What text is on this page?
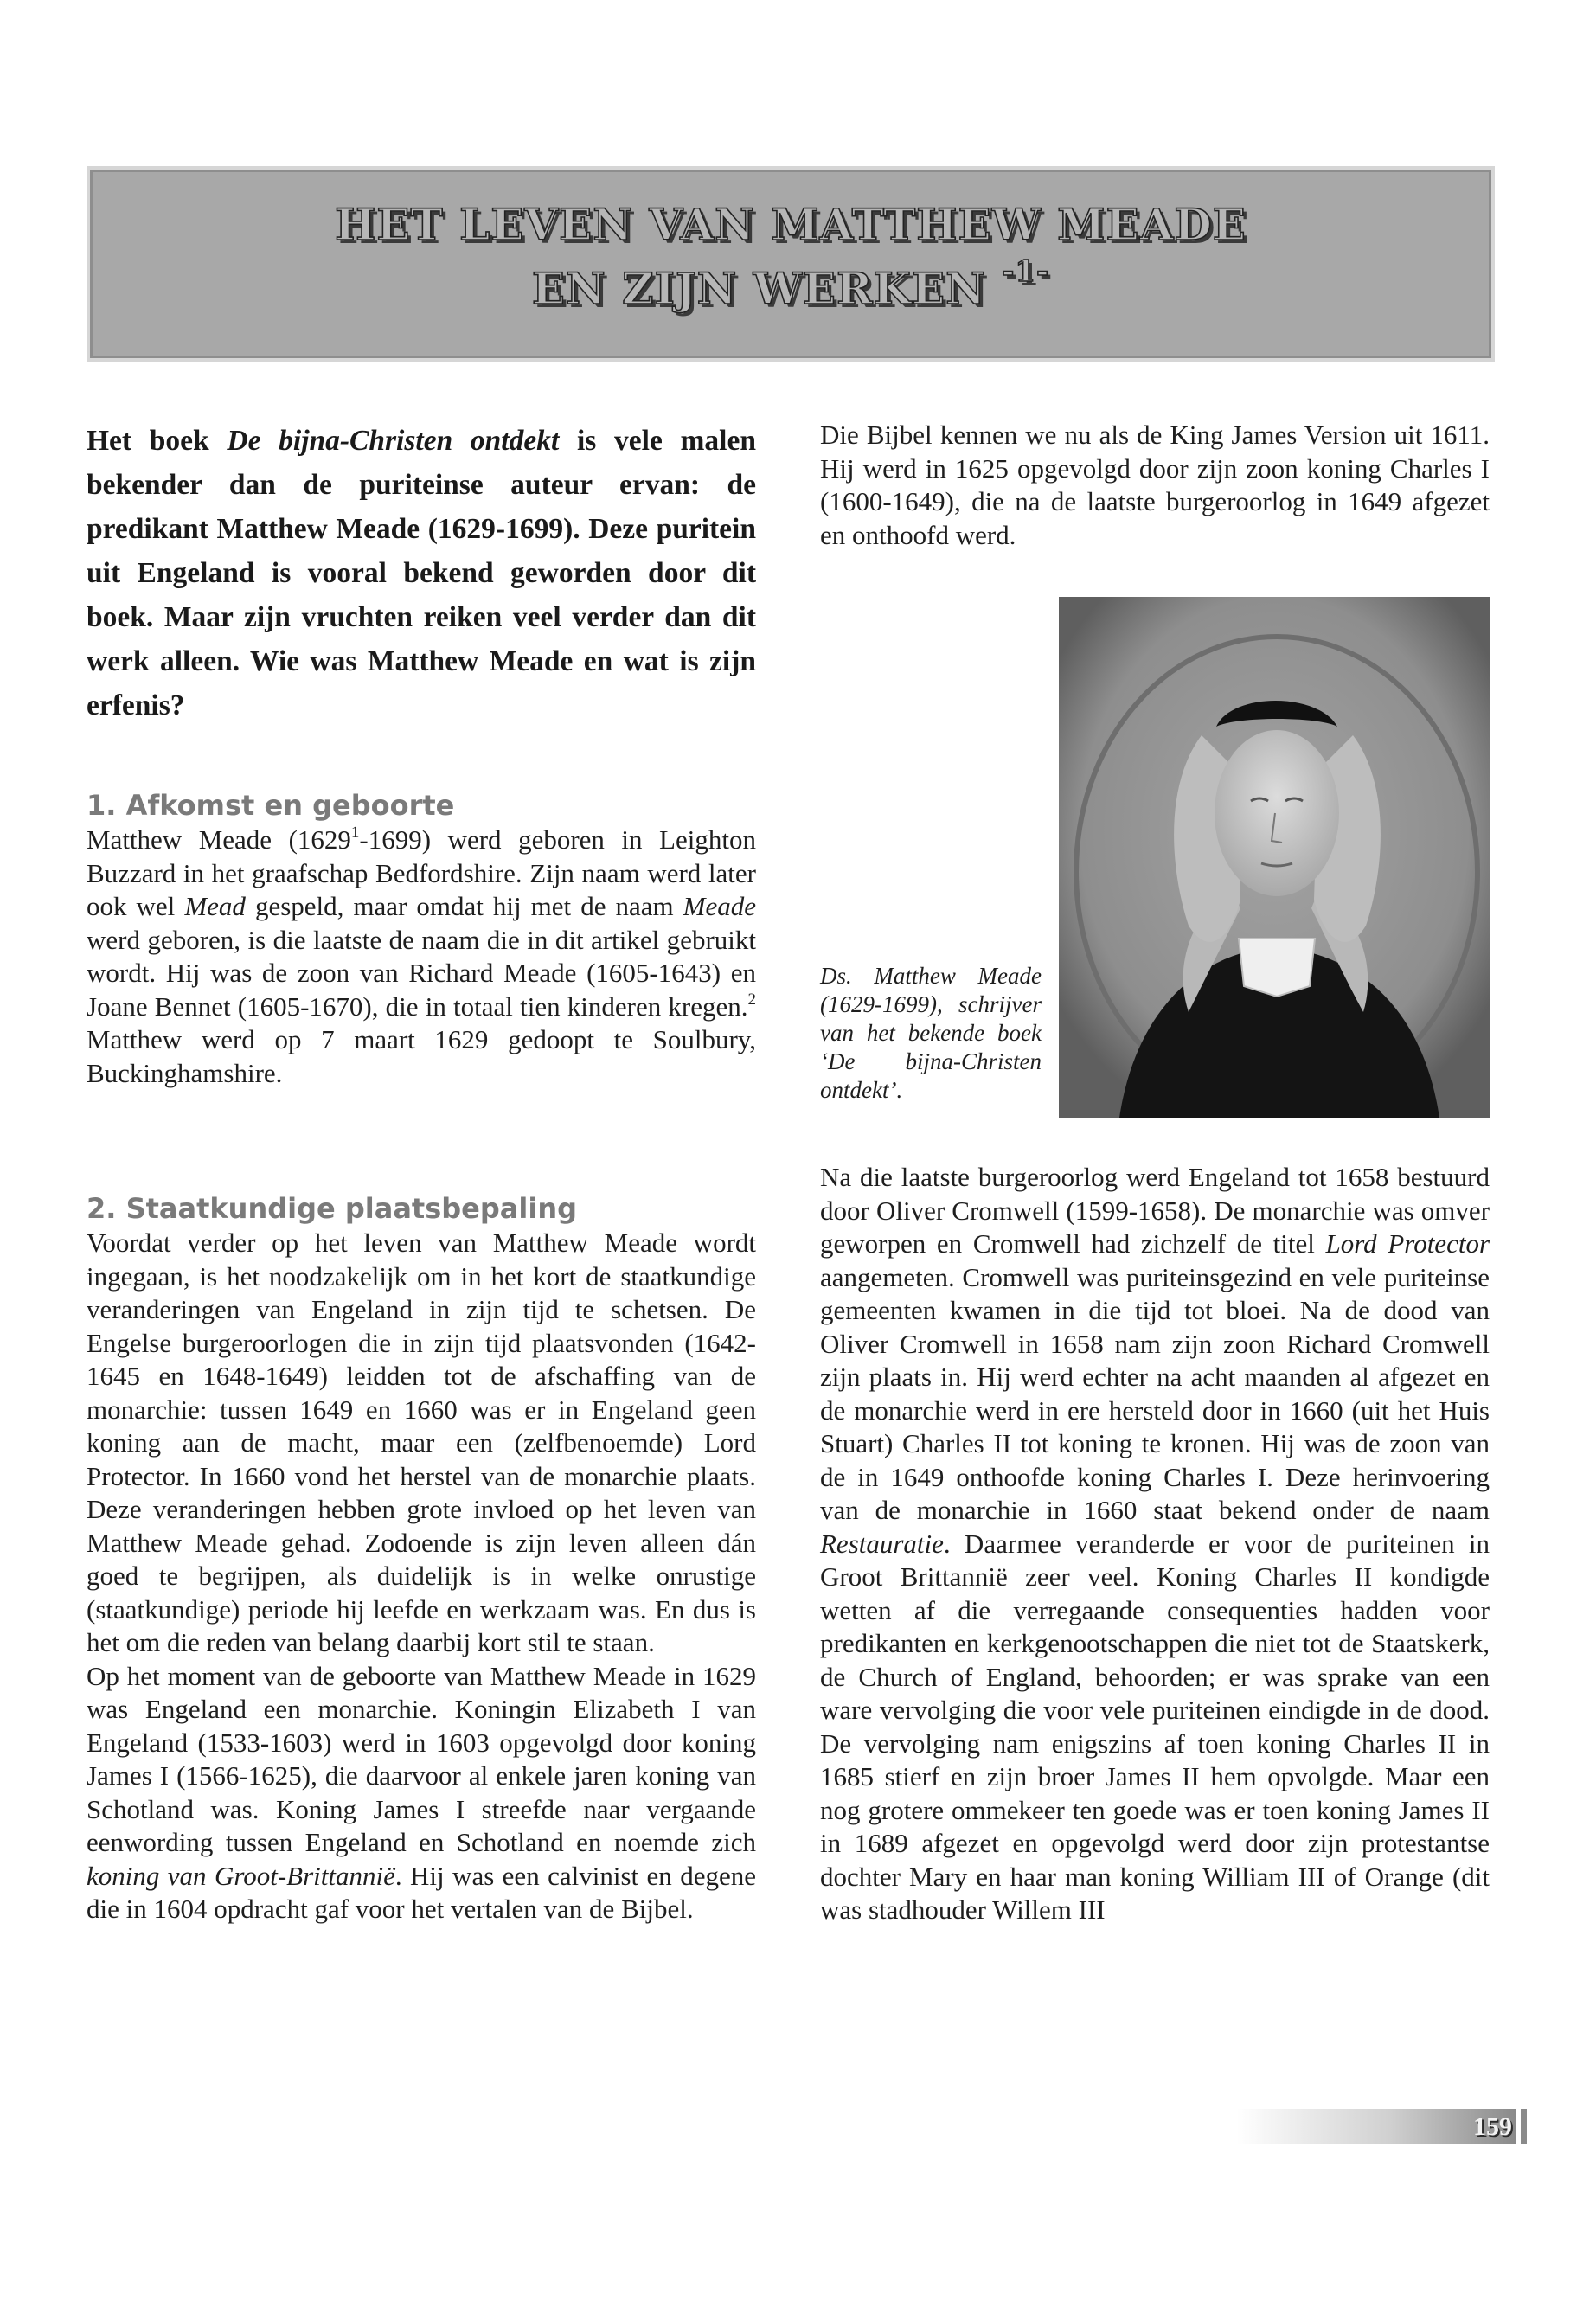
HET LEVEN VAN MATTHEW MEADE
EN ZIJN WERKEN $^{-1-}$

Het boek De bijna-Christen ontdekt is vele malen bekender dan de puriteinse auteur ervan: de predikant Matthew Meade (1629-1699). Deze puritein uit Engeland is vooral bekend geworden door dit boek. Maar zijn vruchten reiken veel verder dan dit werk alleen. Wie was Matthew Meade en wat is zijn erfenis?

Die Bijbel kennen we nu als de King James Version uit 1611. Hij werd in 1625 opgevolgd door zijn zoon koning Charles I (1600-1649), die na de laatste burgeroorlog in 1649 afgezet en onthoofd werd.

Ds. Matthew Meade (1629-1699), schrijver van het bekende boek ‘De bijna-Christen ontdekt’.

1. Afkomst en geboorte

Matthew Meade (1629$^1$-1699) werd geboren in Leighton Buzzard in het graafschap Bedfordshire. Zijn naam werd later ook wel Mead gespeld, maar omdat hij met de naam Meade werd geboren, is die laatste de naam die in dit artikel gebruikt wordt. Hij was de zoon van Richard Meade (1605-1643) en Joane Bennet (1605-1670), die in totaal tien kinderen kregen.$^2$ Matthew werd op 7 maart 1629 gedoopt te Soulbury, Buckinghamshire.

2. Staatkundige plaatsbepaling

Voordat verder op het leven van Matthew Meade wordt ingegaan, is het noodzakelijk om in het kort de staatkundige veranderingen van Engeland in zijn tijd te schetsen. De Engelse burgeroorlogen die in zijn tijd plaatsvonden (1642-1645 en 1648-1649) leidden tot de afschaffing van de monarchie: tussen 1649 en 1660 was er in Engeland geen koning aan de macht, maar een (zelfbenoemde) Lord Protector. In 1660 vond het herstel van de monarchie plaats. Deze veranderingen hebben grote invloed op het leven van Matthew Meade gehad. Zodoende is zijn leven alleen dán goed te begrijpen, als duidelijk is in welke onrustige (staatkundige) periode hij leefde en werkzaam was. En dus is het om die reden van belang daarbij kort stil te staan.

Op het moment van de geboorte van Matthew Meade in 1629 was Engeland een monarchie. Koningin Elizabeth I van Engeland (1533-1603) werd in 1603 opgevolgd door koning James I (1566-1625), die daarvoor al enkele jaren koning van Schotland was. Koning James I streefde naar vergaande eenwording tussen Engeland en Schotland en noemde zich koning van Groot-Brittannië. Hij was een calvinist en degene die in 1604 opdracht gaf voor het vertalen van de Bijbel.

Na die laatste burgeroorlog werd Engeland tot 1658 bestuurd door Oliver Cromwell (1599-1658). De monarchie was omver geworpen en Cromwell had zichzelf de titel Lord Protector aangemeten. Cromwell was puriteinsgezind en vele puriteinse gemeenten kwamen in die tijd tot bloei. Na de dood van Oliver Cromwell in 1658 nam zijn zoon Richard Cromwell zijn plaats in. Hij werd echter na acht maanden al afgezet en de monarchie werd in ere hersteld door in 1660 (uit het Huis Stuart) Charles II tot koning te kronen. Hij was de zoon van de in 1649 onthoofde koning Charles I. Deze herinvoering van de monarchie in 1660 staat bekend onder de naam Restauratie. Daarmee veranderde er voor de puriteinen in Groot Brittannië zeer veel. Koning Charles II kondigde wetten af die verregaande consequenties hadden voor predikanten en kerkgenootschappen die niet tot de Staatskerk, de Church of England, behoorden; er was sprake van een ware vervolging die voor vele puriteinen eindigde in de dood. De vervolging nam enigszins af toen koning Charles II in 1685 stierf en zijn broer James II hem opvolgde. Maar een nog grotere ommekeer ten goede was er toen koning James II in 1689 afgezet en opgevolgd werd door zijn protestantse dochter Mary en haar man koning William III of Orange (dit was stadhouder Willem III

159
